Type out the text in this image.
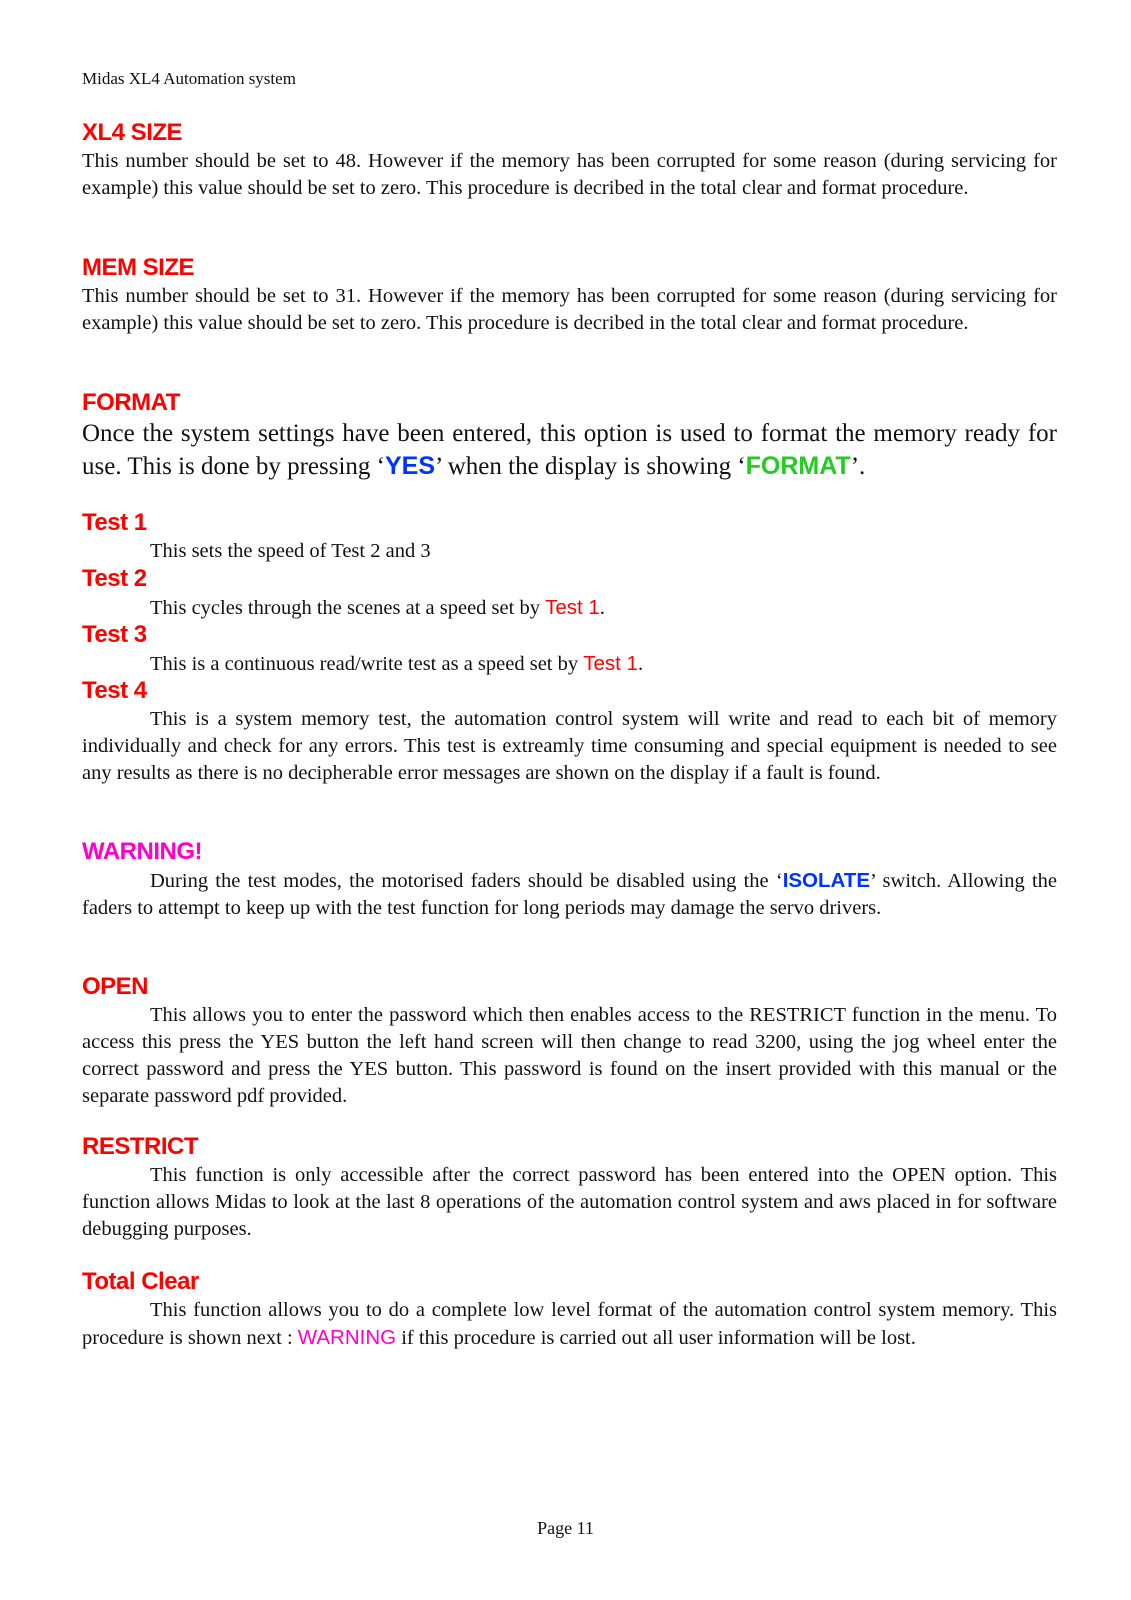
Midas XL4 Automation system
XL4 SIZE

This number should be set to 48. However if the memory has been corrupted for some reason (during servicing for example) this value should be set to zero. This procedure is decribed in the total clear and format procedure.

MEM SIZE

This number should be set to 31. However if the memory has been corrupted for some reason (during servicing for example) this value should be set to zero. This procedure is decribed in the total clear and format procedure.

FORMAT

Once the system settings have been entered, this option is used to format the memory ready for use. This is done by pressing ‘YES’ when the display is showing ‘FORMAT’.

Test 1

This sets the speed of Test 2 and 3

Test 2

This cycles through the scenes at a speed set by Test 1.

Test 3

This is a continuous read/write test as a speed set by Test 1.

Test 4

This is a system memory test, the automation control system will write and read to each bit of memory individually and check for any errors. This test is extreamly time consuming and special equipment is needed to see any results as there is no decipherable error messages are shown on the display if a fault is found.

WARNING!

During the test modes, the motorised faders should be disabled using the ‘ISOLATE’ switch. Allowing the faders to attempt to keep up with the test function for long periods may damage the servo drivers.

OPEN

This allows you to enter the password which then enables access to the RESTRICT function in the menu. To access this press the YES button the left hand screen will then change to read 3200, using the jog wheel enter the correct password and press the YES button. This password is found on the insert provided with this manual or the separate password pdf provided.

RESTRICT

This function is only accessible after the correct password has been entered into the OPEN option. This function allows Midas to look at the last 8 operations of the automation control system and aws placed in for software debugging purposes.

Total Clear

This function allows you to do a complete low level format of the automation control system memory. This procedure is shown next : WARNING if this procedure is carried out all user information will be lost.

Page 11
